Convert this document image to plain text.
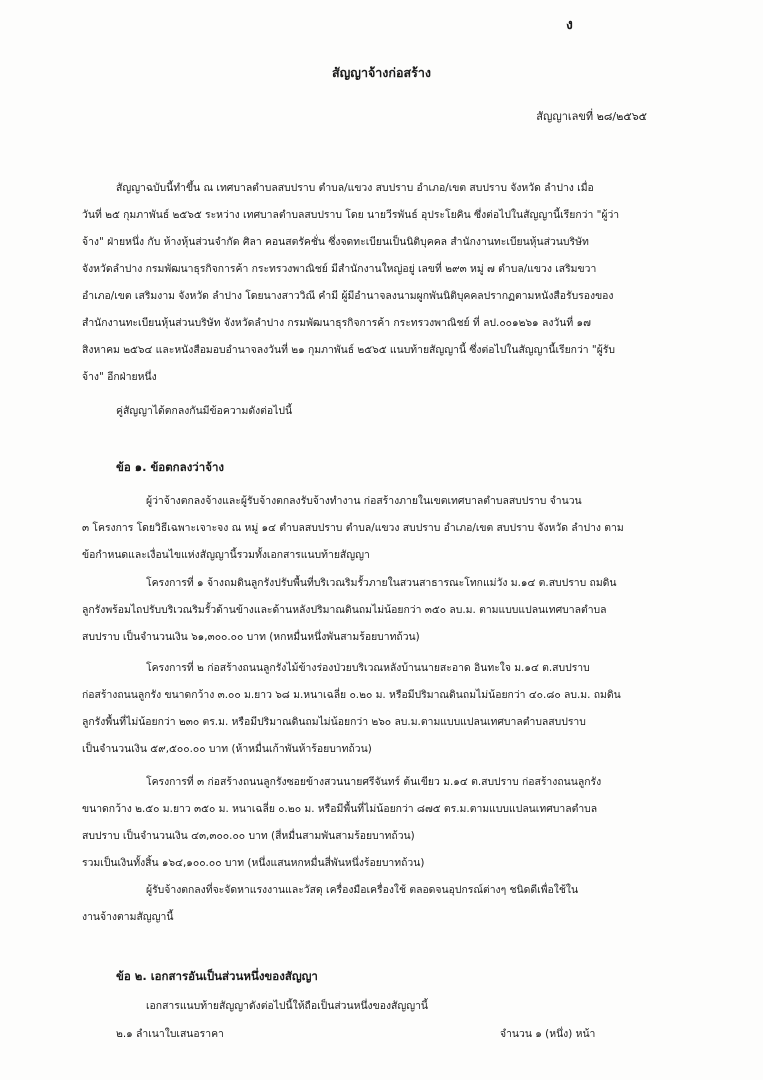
ง
สัญญาจ้างก่อสร้าง
สัญญาเลขที่ ๒๘/๒๕๖๕
สัญญาฉบับนี้ทำขึ้น ณ เทศบาลตำบลสบปราบ ตำบล/แขวง สบปราบ อำเภอ/เขต สบปราบ จังหวัด ลำปาง เมื่อ
วันที่ ๒๕ กุมภาพันธ์ ๒๕๖๕ ระหว่าง เทศบาลตำบลสบปราบ โดย นายวีรพันธ์ อุประโยคิน ซึ่งต่อไปในสัญญานี้เรียกว่า "ผู้ว่า
จ้าง" ฝ่ายหนึ่ง กับ ห้างหุ้นส่วนจำกัด ศิลา คอนสตรัคชั่น ซึ่งจดทะเบียนเป็นนิติบุคคล สำนักงานทะเบียนหุ้นส่วนบริษัท
จังหวัดลำปาง กรมพัฒนาธุรกิจการค้า กระทรวงพาณิชย์ มีสำนักงานใหญ่อยู่ เลขที่ ๒๙๓ หมู่ ๗ ตำบล/แขวง เสริมขวา
อำเภอ/เขต เสริมงาม จังหวัด ลำปาง โดยนางสาววิณี คำมี ผู้มีอำนาจลงนามผูกพันนิติบุคคลปรากฏตามหนังสือรับรองของ
สำนักงานทะเบียนหุ้นส่วนบริษัท จังหวัดลำปาง กรมพัฒนาธุรกิจการค้า กระทรวงพาณิชย์ ที่ ลป.๐๐๑๒๖๑ ลงวันที่ ๑๗
สิงหาคม ๒๕๖๔ และหนังสือมอบอำนาจลงวันที่ ๒๑ กุมภาพันธ์ ๒๕๖๕ แนบท้ายสัญญานี้ ซึ่งต่อไปในสัญญานี้เรียกว่า "ผู้รับ
จ้าง" อีกฝ่ายหนึ่ง
คู่สัญญาได้ตกลงกันมีข้อความดังต่อไปนี้
ข้อ ๑. ข้อตกลงว่าจ้าง
ผู้ว่าจ้างตกลงจ้างและผู้รับจ้างตกลงรับจ้างทำงาน ก่อสร้างภายในเขตเทศบาลตำบลสบปราบ จำนวน
๓ โครงการ โดยวิธีเฉพาะเจาะจง ณ หมู่ ๑๔ ตำบลสบปราบ ตำบล/แขวง สบปราบ อำเภอ/เขต สบปราบ จังหวัด ลำปาง ตาม
ข้อกำหนดและเงื่อนไขแห่งสัญญานี้รวมทั้งเอกสารแนบท้ายสัญญา
โครงการที่ ๑ จ้างถมดินลูกรังปรับพื้นที่บริเวณริมรั้วภายในสวนสาธารณะโทกแม่วัง ม.๑๔ ต.สบปราบ ถมดิน
ลูกรังพร้อมไถปรับบริเวณริมรั้วด้านข้างและด้านหลังปริมาณดินถมไม่น้อยกว่า ๓๕๐ ลบ.ม. ตามแบบแปลนเทศบาลตำบล
สบปราบ เป็นจำนวนเงิน ๖๑,๓๐๐.๐๐ บาท (หกหมื่นหนึ่งพันสามร้อยบาทถ้วน)
โครงการที่ ๒ ก่อสร้างถนนลูกรังไม้ข้างร่องป่วยบริเวณหลังบ้านนายสะอาด อินทะใจ ม.๑๔ ต.สบปราบ
ก่อสร้างถนนลูกรัง ขนาดกว้าง ๓.๐๐ ม.ยาว ๖๘ ม.หนาเฉลี่ย ๐.๒๐ ม. หรือมีปริมาณดินถมไม่น้อยกว่า ๔๐.๘๐ ลบ.ม. ถมดิน
ลูกรังพื้นที่ไม่น้อยกว่า ๒๓๐ ตร.ม. หรือมีปริมาณดินถมไม่น้อยกว่า ๒๖๐ ลบ.ม.ตามแบบแปลนเทศบาลตำบลสบปราบ
เป็นจำนวนเงิน ๕๙,๕๐๐.๐๐ บาท (ห้าหมื่นเก้าพันห้าร้อยบาทถ้วน)
โครงการที่ ๓ ก่อสร้างถนนลูกรังซอยข้างสวนนายศรีจันทร์ ต้นเขียว ม.๑๔ ต.สบปราบ ก่อสร้างถนนลูกรัง
ขนาดกว้าง ๒.๕๐ ม.ยาว ๓๕๐ ม. หนาเฉลี่ย ๐.๒๐ ม. หรือมีพื้นที่ไม่น้อยกว่า ๘๗๕ ตร.ม.ตามแบบแปลนเทศบาลตำบล
สบปราบ เป็นจำนวนเงิน ๔๓,๓๐๐.๐๐ บาท (สี่หมื่นสามพันสามร้อยบาทถ้วน)
รวมเป็นเงินทั้งสิ้น ๑๖๔,๑๐๐.๐๐ บาท (หนึ่งแสนหกหมื่นสี่พันหนึ่งร้อยบาทถ้วน)
ผู้รับจ้างตกลงที่จะจัดหาแรงงานและวัสดุ เครื่องมือเครื่องใช้ ตลอดจนอุปกรณ์ต่างๆ ชนิดดีเพื่อใช้ใน
งานจ้างตามสัญญานี้
ข้อ ๒. เอกสารอันเป็นส่วนหนึ่งของสัญญา
เอกสารแนบท้ายสัญญาดังต่อไปนี้ให้ถือเป็นส่วนหนึ่งของสัญญานี้
๒.๑ ลำเนาใบเสนอราคา	จำนวน ๑ (หนึ่ง) หน้า
